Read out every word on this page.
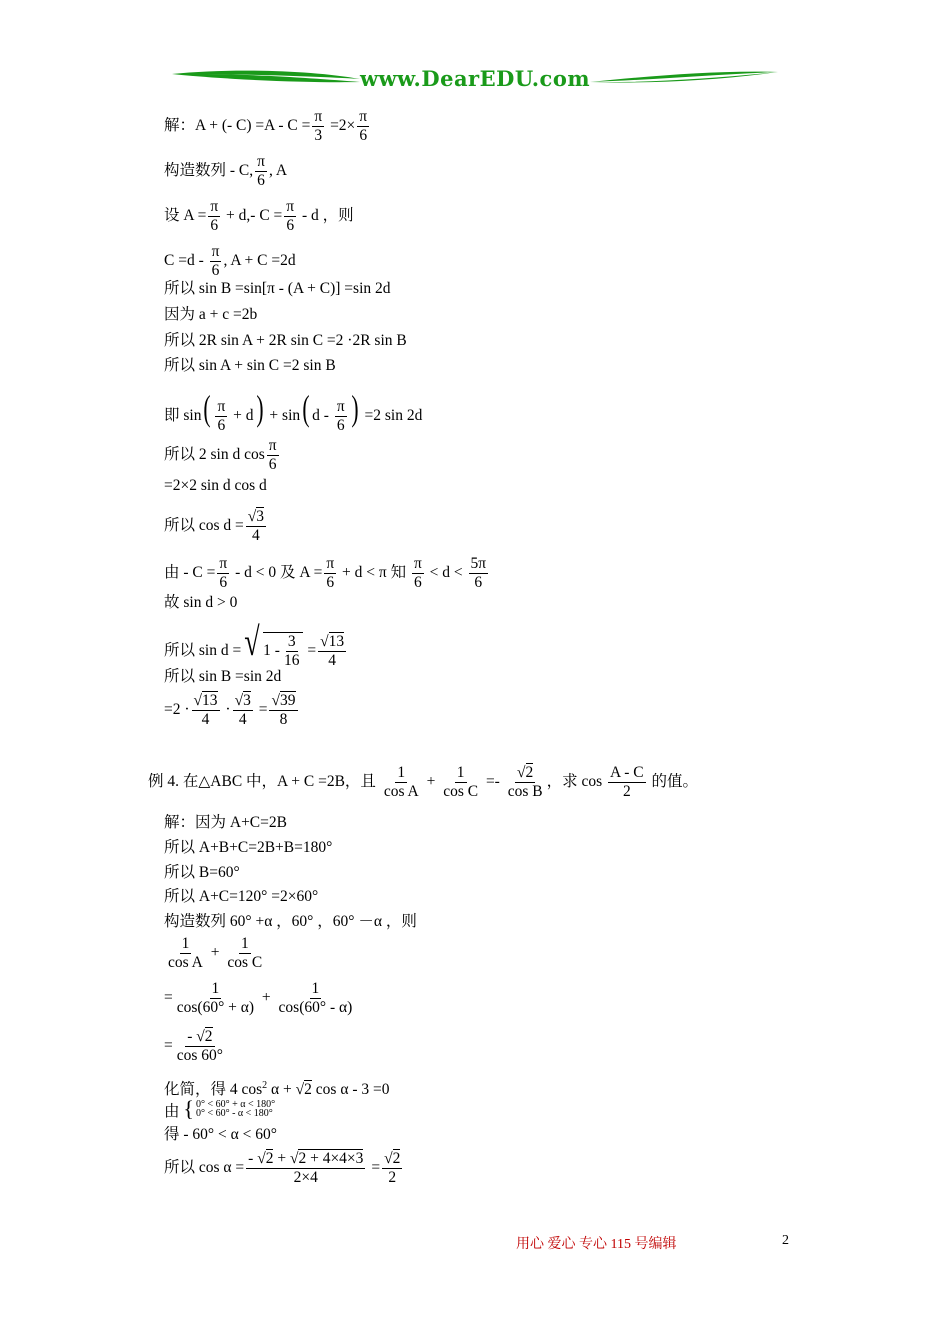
www.DearEDU.com
解：A + (- $C) =A - C = \frac{\pi}{3} =2\times \frac{\pi}{6}$
构造数列 - C, $\frac{\pi}{6}$ , A
设 $A = \frac{\pi}{6} + d,-$ $C = \frac{\pi}{6} - d$ ，则
$C =d - \frac{\pi}{6}$ , A + C =2d
所以 sin B =sin[π - (A + C)] =sin 2d
因为 a + c =2b
所以 2R sin A + 2R sin C =2 ·2R sin B
所以 sin A + sin C =2 sin B
即 $\sin( \frac{\pi}{6} + d) + \sin$( d - $\frac{\pi}{6}$ ) =2 sin 2d
所以 2 sin d $\cos \frac{\pi}{6}$
=2×2 sin d cos d
所以 $\cos d = \frac{√3}{4}$
由 - $C = \frac{\pi}{6} - d < 0$ 及 $A = \frac{\pi}{6} + d < \pi$ 知 $\frac{\pi}{6} < d < \frac{5\pi}{6}$
故 sin d > 0
所以 sin d =√ 1 -
3
16
= $\frac{√13}{4}$
所以 sin B =sin 2d
$=2 \cdot \frac{√13}{4} \cdot \frac{√3}{4} = \frac{√39}{8}$
例 4. 在△ABC 中，A + C =2B，且 $\frac{1}{\text{cos A}} + \frac{1}{\text{cos C}} =- \frac{√2}{\text{cos B}}$ ，求 $\cos \frac{A - C}{2}$ 的值。
解：因为 A+C=2B
所以 A+B+C=2B+B=180°
所以 B=60°
所以 A+C=120° =2×60°
构造数列 60° +α ，60° ，60° －α ，则
$\frac{1}{\text{cos A}} + \frac{1}{\text{cos C}}$
= $\frac{1}{\cos(60^\circ + \alpha)} + \frac{1}{\cos(60^\circ - \alpha)}$
= $\frac{- √2}{\cos 60^\circ}$
化简，得 4 $\cos^2 \alpha + √2$ cos α - 3 =0
由 { 0° < 60° + α < 180°
0° < 60° - α < 180°
得 - 60° < α < 60°
所以 $\cos \alpha = \frac{- √2 + √2 + 4\times 4\times 3}{2\times 4} = \frac{√2}{2}$
用心 爱心 专心 115 号编辑	2
